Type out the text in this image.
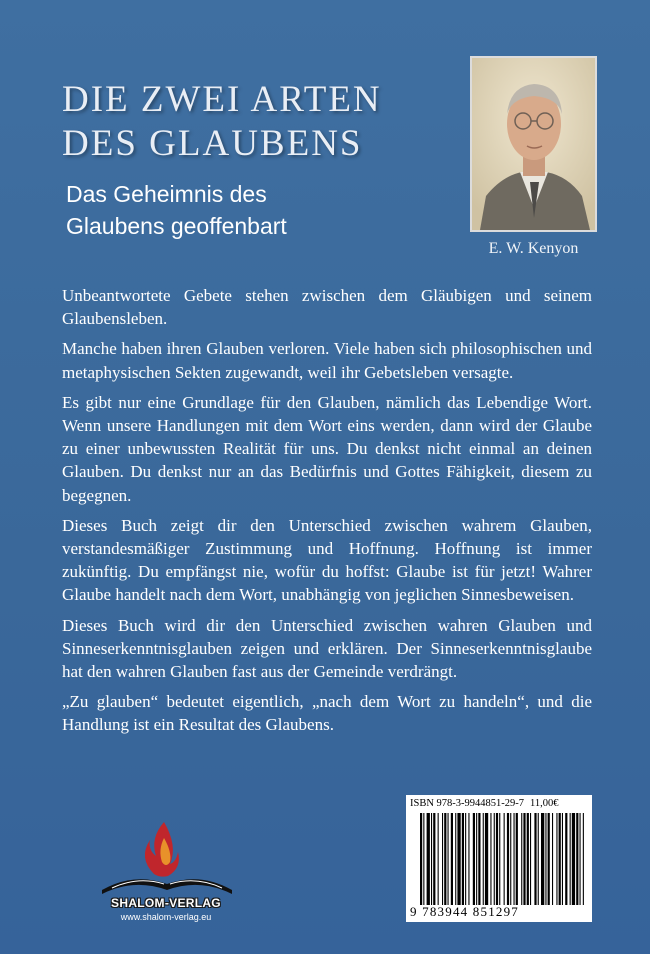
DIE ZWEI ARTEN
DES GLAUBENS
Das Geheimnis des
Glaubens geoffenbart
E. W. Kenyon

Unbeantwortete Gebete stehen zwischen dem Gläubigen und seinem Glaubensleben.

Manche haben ihren Glauben verloren. Viele haben sich philosophischen und metaphysischen Sekten zugewandt, weil ihr Gebetsleben versagte.

Es gibt nur eine Grundlage für den Glauben, nämlich das Lebendige Wort. Wenn unsere Handlungen mit dem Wort eins werden, dann wird der Glaube zu einer unbewussten Realität für uns. Du denkst nicht einmal an deinen Glauben. Du denkst nur an das Bedürfnis und Gottes Fähigkeit, diesem zu begegnen.

Dieses Buch zeigt dir den Unterschied zwischen wahrem Glauben, verstandesmäßiger Zustimmung und Hoffnung. Hoffnung ist immer zukünftig. Du empfängst nie, wofür du hoffst: Glaube ist für jetzt! Wahrer Glaube handelt nach dem Wort, unabhängig von jeglichen Sinnesbeweisen.

Dieses Buch wird dir den Unterschied zwischen wahren Glauben und Sinneserkenntnisglauben zeigen und erklären. Der Sinneserkenntnisglaube hat den wahren Glauben fast aus der Gemeinde verdrängt.

„Zu glauben“ bedeutet eigentlich, „nach dem Wort zu handeln“, und die Handlung ist ein Resultat des Glaubens.

SHALOM-VERLAG
www.shalom-verlag.eu
ISBN 978-3-9944851-29-7 11,00€
9 783944 851297
